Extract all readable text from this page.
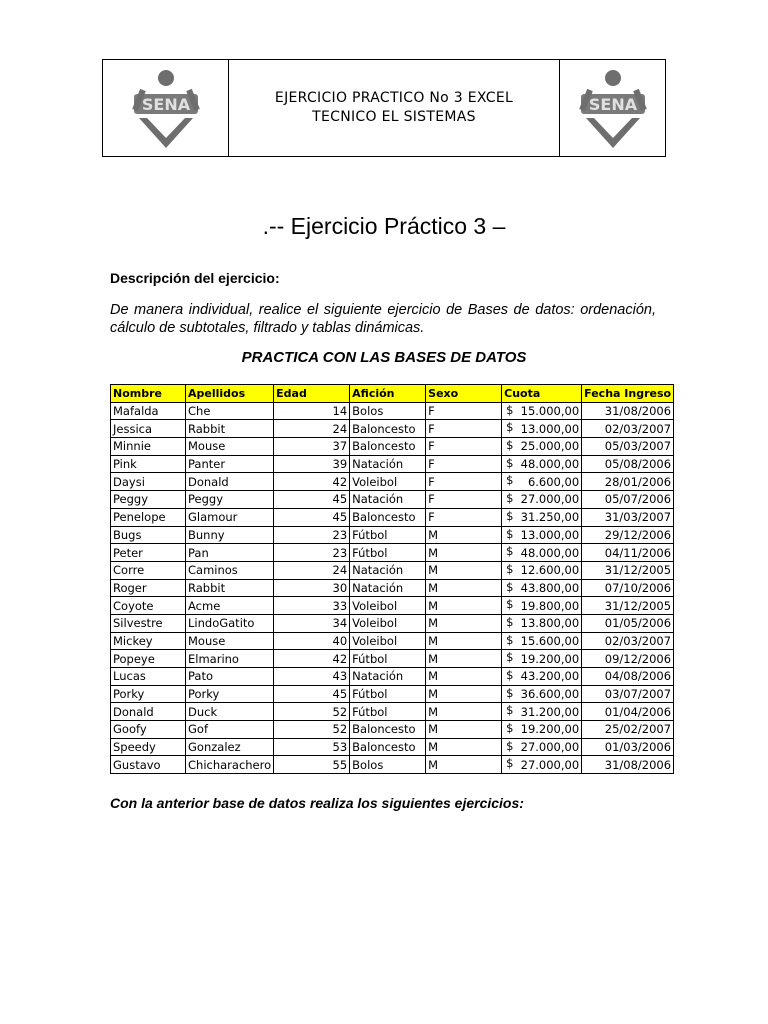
SENA	EJERCICIO PRACTICO No 3 EXCEL
TECNICO EL SISTEMAS
SENA
.-- Ejercicio Práctico 3 –
Descripción del ejercicio:
De manera individual, realice el siguiente ejercicio de Bases de datos: ordenación, cálculo de subtotales, filtrado y tablas dinámicas.
PRACTICA CON LAS BASES DE DATOS
Nombre	Apellidos	Edad	Afición	Sexo	Cuota	Fecha Ingreso
Mafalda	Che	14	Bolos	F	$ 15.000,00	31/08/2006
Jessica	Rabbit	24	Baloncesto	F	$ 13.000,00	02/03/2007
Minnie	Mouse	37	Baloncesto	F	$ 25.000,00	05/03/2007
Pink	Panter	39	Natación	F	$ 48.000,00	05/08/2006
Daysi	Donald	42	Voleibol	F	$ 6.600,00	28/01/2006
Peggy	Peggy	45	Natación	F	$ 27.000,00	05/07/2006
Penelope	Glamour	45	Baloncesto	F	$ 31.250,00	31/03/2007
Bugs	Bunny	23	Fútbol	M	$ 13.000,00	29/12/2006
Peter	Pan	23	Fútbol	M	$ 48.000,00	04/11/2006
Corre	Caminos	24	Natación	M	$ 12.600,00	31/12/2005
Roger	Rabbit	30	Natación	M	$ 43.800,00	07/10/2006
Coyote	Acme	33	Voleibol	M	$ 19.800,00	31/12/2005
Silvestre	LindoGatito	34	Voleibol	M	$ 13.800,00	01/05/2006
Mickey	Mouse	40	Voleibol	M	$ 15.600,00	02/03/2007
Popeye	Elmarino	42	Fútbol	M	$ 19.200,00	09/12/2006
Lucas	Pato	43	Natación	M	$ 43.200,00	04/08/2006
Porky	Porky	45	Fútbol	M	$ 36.600,00	03/07/2007
Donald	Duck	52	Fútbol	M	$ 31.200,00	01/04/2006
Goofy	Gof	52	Baloncesto	M	$ 19.200,00	25/02/2007
Speedy	Gonzalez	53	Baloncesto	M	$ 27.000,00	01/03/2006
Gustavo	Chicharachero	55	Bolos	M	$ 27.000,00	31/08/2006
Con la anterior base de datos realiza los siguientes ejercicios:
